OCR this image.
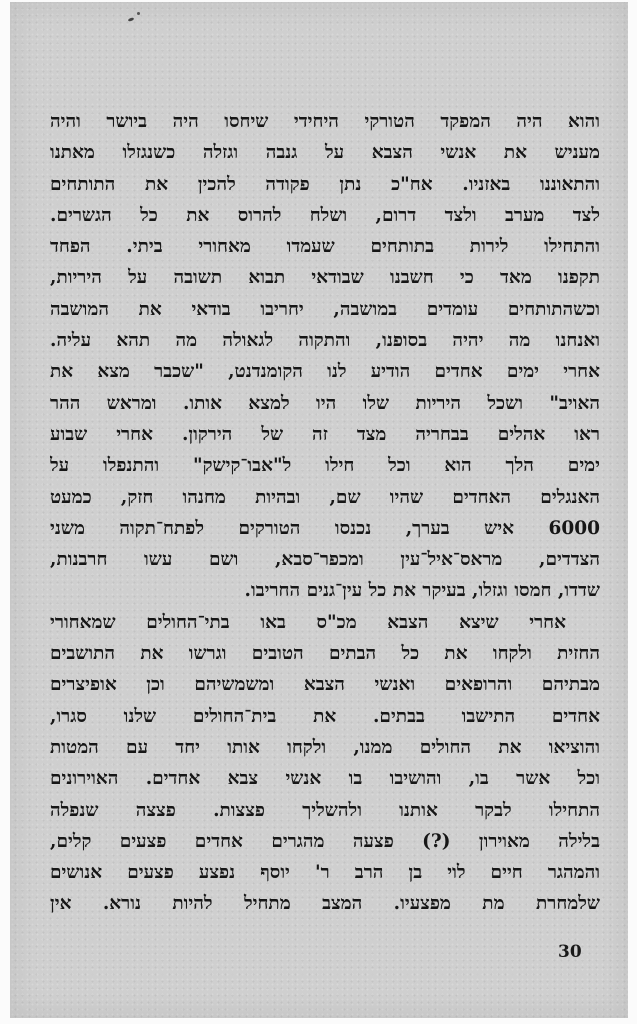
והוא היה המפקד הטורקי היחידי שיחסו היה ביושר והיה
מעניש את אנשי הצבא על גנבה וגזלה כשנגזלו מאתנו
והתאוננו באזניו. אח"כ נתן פקודה להכין את התותחים
לצד מערב ולצד דרום, ושלח להרוס את כל הגשרים.
והתחילו לירות בתותחים שעמדו מאחורי ביתי. הפחד
תקפנו מאד כי חשבנו שבודאי תבוא תשובה על היריות,
וכשהתותחים עומדים במושבה, יחריבו בודאי את המושבה
ואנחנו מה יהיה בסופנו, והתקוה לגאולה מה תהא עליה.
אחרי ימים אחדים הודיע לנו הקומנדנט, "שכבר מצא את
האויב" ושכל היריות שלו היו למצא אותו. ומראש ההר
ראו אהלים בבחריה מצד זה של הירקון. אחרי שבוע
ימים הלך הוא וכל חילו ל"אבו־קישק" והתנפלו על
האנגלים האחדים שהיו שם, ובהיות מחנהו חזק, כמעט
6000 איש בערך, נכנסו הטורקים לפתח־תקוה משני
הצדדים, מראס־איל־עין ומכפר־סבא, ושם עשו חרבנות,
שדדו, חמסו וגזלו, בעיקר את כל עין־גנים החריבו.
אחרי שיצא הצבא מכ"ס באו בתי־החולים שמאחורי
החזית ולקחו את כל הבתים הטובים וגרשו את התושבים
מבתיהם והרופאים ואנשי הצבא ומשמשיהם וכן אופיצרים
אחדים התישבו בבתים. את בית־החולים שלנו סגרו,
והוציאו את החולים ממנו, ולקחו אותו יחד עם המטות
וכל אשר בו, והושיבו בו אנשי צבא אחדים. האוירונים
התחילו לבקר אותנו ולהשליך פצצות. פצצה שנפלה
בלילה מאוירון (?) פצעה מהגרים אחדים פצעים קלים,
והמהגר חיים לוי בן הרב ר' יוסף נפצע פצעים אנושים
שלמחרת מת מפצעיו. המצב מתחיל להיות נורא. אין
30
